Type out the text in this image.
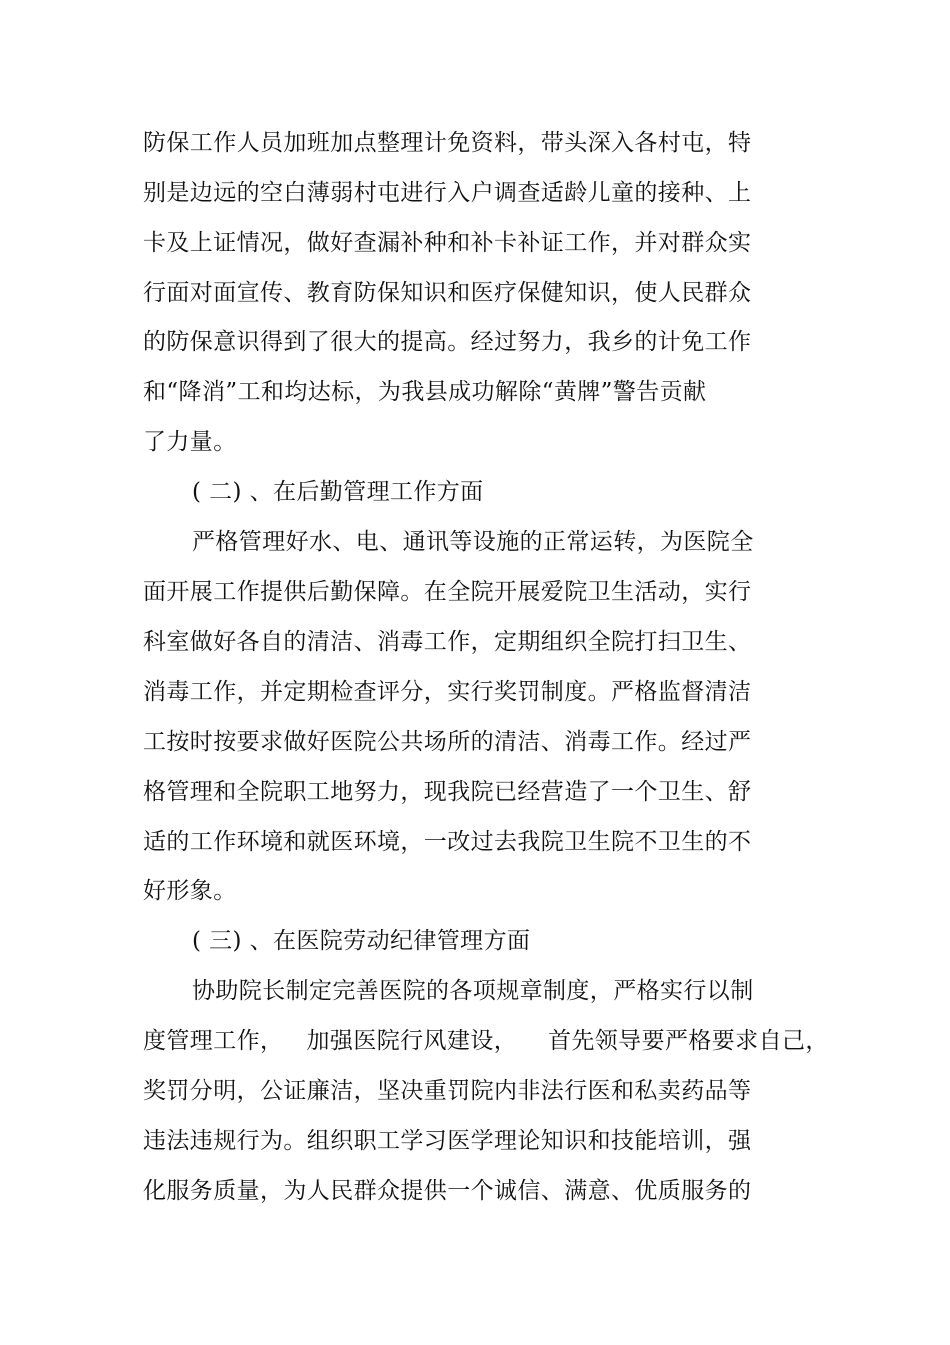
防保工作人员加班加点整理计免资料，带头深入各村屯，特
别是边远的空白薄弱村屯进行入户调查适龄儿童的接种、上
卡及上证情况，做好查漏补种和补卡补证工作，并对群众实
行面对面宣传、教育防保知识和医疗保健知识，使人民群众
的防保意识得到了很大的提高。经过努力，我乡的计免工作
和“降消”工和均达标，为我县成功解除“黄牌”警告贡献
了力量。
( 二) 、在后勤管理工作方面
严格管理好水、电、通讯等设施的正常运转，为医院全
面开展工作提供后勤保障。在全院开展爱院卫生活动，实行
科室做好各自的清洁、消毒工作，定期组织全院打扫卫生、
消毒工作，并定期检查评分，实行奖罚制度。严格监督清洁
工按时按要求做好医院公共场所的清洁、消毒工作。经过严
格管理和全院职工地努力，现我院已经营造了一个卫生、舒
适的工作环境和就医环境，一改过去我院卫生院不卫生的不
好形象。
( 三) 、在医院劳动纪律管理方面
协助院长制定完善医院的各项规章制度，严格实行以制
度管理工作，   加强医院行风建设，    首先领导要严格要求自己，
奖罚分明，公证廉洁，坚决重罚院内非法行医和私卖药品等
违法违规行为。组织职工学习医学理论知识和技能培训，强
化服务质量，为人民群众提供一个诚信、满意、优质服务的
